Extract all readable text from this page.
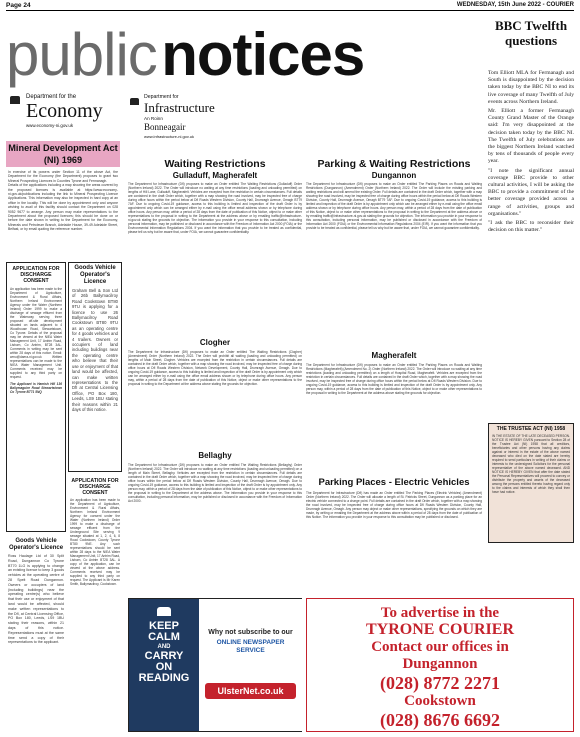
Page 24	WEDNESDAY, 15th June 2022 - COURIER
public notices	BBC Twelfth questions

Tom Elliott MLA for Fermanagh and South is disappointed by the decision taken today by the BBC NI to end its live coverage of many Twelfth of July events across Northern Ireland.

Mr. Elliott a former Fermanagh County Grand Master of the Orange said: I'm very disappointed at the decision taken today by the BBC NI. The Twelfth of July celebrations are the biggest Northern Ireland watched by tens of thousands of people every year.

"I note the significant annual coverage BBC provide to other cultural activities, I will be asking the BBC to provide a commitment of the better coverage provided across a range of activities, groups and organisations."

"I ask the BBC to reconsider their decision on this matter."

THE TRUSTEE ACT (NI) 1958
IN THE ESTATE OF THE LATE DECEASED PERSON. NOTICE IS HEREBY GIVEN pursuant to Section 28 of the Trustee Act (NI) 1958 that all creditors, beneficiaries and other persons having any claims against or interest in the estate of the above named deceased who died on the date stated are hereby required to send particulars in writing of their claims or interests to the undersigned Solicitors for the personal representative of the above named deceased. AND NOTICE IS HEREBY GIVEN that after the date stated the Personal Representatives will proceed to convey or distribute the property and assets of the deceased among the persons entitled thereto having regard only to the claims and interests of which they shall then have had notice.
Department for the
Economy
www.economy-ni.gov.uk
Mineral Development Act (NI) 1969

In exercise of its powers under Section 11 of the above Act, the Department for the Economy (the Department) proposes to grant two Mineral Prospecting Licences in Counties Tyrone and Fermanagh.

Details of the applications including a map showing the areas covered by the proposed licences is available at https://www.economy-ni.gov.uk/publications including the link to Mineral Prospecting Licence Applications. This information may also be inspected in hard copy at an office in the locality. This will be done by appointment only and anyone wishing to avail of this facility should contact the Department on 028 9052 9677 to arrange. Any person may make representations to the Department about the proposed licences; this should be done on or before the date shown in writing to the Department for the Economy, Minerals and Petroleum Branch, Adelaide House, 39-49 Adelaide Street, Belfast, or by email quoting the reference number.

APPLICATION FOR DISCHARGE CONSENT
An application has been made to the Department of Agriculture, Environment & Rural Affairs, Northern Ireland Environment Agency under the Water (Northern Ireland) Order 1999 to make a discharge of sewage effluent from the Waterway serving three proposed off-site development situated on lands adjacent to 4 Woodhouse Road, Stewartstown, Co Tyrone. Details of the proposal may be viewed at the NIEA Water Management Unit, 17 Antrim Road, Lisburn, Co Antrim, BT28 3AL. Comments in writing may be sent within 28 days of this notice. Email: wmu@daera-ni.gov.uk Written representations can be made to the NIEA Water Management Unit. Comments received may be supplied to any third party on request.

The Applicant is Hamish Hill 136 Ballymaguire Road Stewartstown Co Tyrone BT71 5NQ

Goods Vehicle Operator's Licence
Graham Bell & Son Ltd of 26b Ballymacilroy Road Cookstown BT80 9TU is applying for a licence to use 26 Ballymacilroy Road Cookstown BT80 9TU as an operating centre for 4 goods vehicles and 4 trailers. Owners or occupiers of land including buildings near the operating centre who believe that their use or enjoyment of that land would be affected, can make written representations to the DfI at Central Licensing Office, PO Box 180, Leeds, LS9 1BU stating their reasons within 21 days of this notice.
Goods Vehicle Operator's Licence
Ross Haulage Ltd of 30 Split Road, Dungannon Co Tyrone BT70 1LG is applying to change an existing licence to keep 3 goods vehicles at the operating centre of 28 Spelt Road Dungannon. Owners or occupiers of land (including buildings) near the operating centre(s) who believe that their use or enjoyment of that land would be affected, should make written representations to the DfI, at Central Licensing Office, PO Box 180, Leeds, LS9 1BU stating their reasons, within 21 days of this notice. Representations must at the same time send a copy of their representations to the applicant.
APPLICATION FOR DISCHARGE CONSENT
An application has been made to the Department of Agriculture, Environment & Rural Affairs, Northern Ireland Environment Agency for consent under the Water (Northern Ireland) Order 1999 to make a discharge of sewage effluent from the Underground Site serving 9 sewage situated at 1, 2, 4, 6, 8 Road Cookstown, County Tyrone BT80 9NE. Any such representations should be sent within 28 days to the NIEA Water Management Unit, 17 Antrim Road, Lisburn, Co Antrim BT28 3AL. A copy of the application, can be viewed at the above address. Comments received may be supplied to any third party on request. The Applicant is Mr Karen Smith, Ballymacilroy, Cookstown.
Department for
Infrastructure
An Roinn
Bonneagair
www.infrastructure-ni.gov.uk
Waiting Restrictions
Gulladuff, Magherafelt
The Department for Infrastructure (DfI) proposes to make an Order entitled The Waiting Restrictions (Gulladuff) Order (Northern Ireland) 2022. The Order will introduce no waiting at any time restrictions (loading and unloading permitted) on lengths of Hill Lane, Gulladuff, Magherafelt. Vehicles are excepted from the restriction in certain circumstances. Full details are contained in the draft Order which, together with a map showing the road involved, may be inspected free of charge during office hours within the period below at DfI Roads Western Division, County Hall, Drumragh Avenue, Omagh BT79 7AF. Due to ongoing Covid-19 guidance, access to this building is limited and inspection of the draft Order is by appointment only which can be arranged either by e-mail using the office email address shown or by telephone during office hours. Any person may, within a period of 28 days from the date of publication of this Notice, object to or make other representations to the proposal in writing to the Department at the address above or by emailing traffic@infrastructure-ni.gov.uk stating the grounds for objection. The information you provide in your response to this consultation, including personal information, may be published or disclosed in accordance with the Freedom of Information Act 2000 (FOIA) or the Environmental Information Regulations 2004. If you want the information that you provide to be treated as confidential, please tell us why but be aware that, under FOIA, we cannot guarantee confidentiality.
Clogher
The Department for Infrastructure (DfI) proposes to make an Order entitled The Waiting Restrictions (Clogher) (Amendment) Order (Northern Ireland) 2022. The Order will prohibit all waiting (loading and unloading permitted) on lengths of Main Street, Clogher. Vehicles are excepted from the restriction in certain circumstances. Full details are contained in the draft Order which, together with a map showing the road involved, may be inspected free of charge during office hours at DfI Roads Western Division, Network Development, County Hall, Drumragh Avenue, Omagh. Due to ongoing Covid-19 guidance, access to this building is limited and inspection of the draft Order is by appointment only which can be arranged either by e-mail using the office email address shown or by telephone during office hours. Any person may, within a period of 28 days from the date of publication of this Notice, object or make other representations to the proposal in writing to the Department at the address above stating the grounds for objection.
Bellaghy
The Department for Infrastructure (DfI) proposes to make an Order entitled The Waiting Restrictions (Bellaghy) Order (Northern Ireland) 2022. The Order will introduce no waiting at any time restrictions (loading and unloading permitted) on a length of Main Street, Bellaghy. Vehicles are excepted from the restriction in certain circumstances. Full details are contained in the draft Order which, together with a map showing the road involved, may be inspected free of charge during office hours within the period below at DfI Roads Western Division, County Hall, Drumragh Avenue, Omagh. Due to ongoing Covid-19 guidance, access to this building is limited and inspection of the draft Order is by appointment only. Any person may, within a period of 28 days from the date of publication of this Notice, object to or make other representations to the proposal in writing to the Department at the address above. The information you provide in your response to this consultation, including personal information, may be published or disclosed in accordance with the Freedom of Information Act 2000.
Parking & Waiting Restrictions
Dungannon
The Department for Infrastructure (DfI) proposes to make an Order entitled The Parking Places on Roads and Waiting Restrictions (Dungannon) (Amendment) Order (Northern Ireland) 2022. The Order will include the existing parking and waiting restrictions and will amend the existing Order. Full details are contained in the draft Order which, together with a map showing the road involved, may be inspected free of charge during office hours within the period below at DfI Roads Western Division, County Hall, Drumragh Avenue, Omagh BT79 7AF. Due to ongoing Covid-19 guidance, access to this building is limited and inspection of the draft Order is by appointment only which can be arranged either by e-mail using the office email address shown or by telephone during office hours. Any person may, within a period of 28 days from the date of publication of this Notice, object to or make other representations to the proposal in writing to the Department at the address above or by emailing traffic@infrastructure-ni.gov.uk stating the grounds for objection. The information you provide in your response to this consultation, including personal information, may be published or disclosed in accordance with the Freedom of Information Act 2000 (FOIA) or the Environmental Information Regulations 2004 (EIR). If you want the information that you provide to be treated as confidential, please tell us why but be aware that, under FOIA, we cannot guarantee confidentiality.
Magherafelt
The Department for Infrastructure (DfI) proposes to make an Order entitled The Parking Places on Roads and Waiting Restrictions (Magherafelt) (Amendment No. 2) Order (Northern Ireland) 2022. The Order will introduce no waiting at any time restrictions (loading and unloading permitted) on a length of Hospital Road, Magherafelt. Vehicles are excepted from the restriction in certain circumstances. Full details are contained in the draft Order which, together with a map showing the road involved, may be inspected free of charge during office hours within the period below at DfI Roads Western Division. Due to ongoing Covid-19 guidance, access to this building is limited and inspection of the draft Order is by appointment only. Any person may, within a period of 28 days from the date of publication of this Notice, object to or make other representations to the proposal in writing to the Department at the address above stating the grounds for objection.
Parking Places - Electric Vehicles
The Department for Infrastructure (DfI) has made an Order entitled The Parking Places (Electric Vehicles) (Amendment) Order (Northern Ireland) 2022. The Order will allocate a length of St. Patricks Street, Dungannon as a parking place for an electric vehicle connected to a charge point. Full details are contained in the draft Order which, together with a map showing the road involved, may be inspected free of charge during office hours at DfI Roads Western Division, County Hall, Drumragh Avenue, Omagh. Any person may object or make other representations, specifying the grounds on which they are made, by writing or emailing the Department at the address above within a period of 28 days from the date of publication of this Notice. The information you provide in your response to this consultation may be published or disclosed.
KEEP
CALM
AND
CARRY
ON
READING
Why not subscribe to our
ONLINE NEWSPAPER SERVICE
UlsterNet.co.uk
To advertise in the
TYRONE COURIER
Contact our offices in
Dungannon
(028) 8772 2271
Cookstown
(028) 8676 6692
